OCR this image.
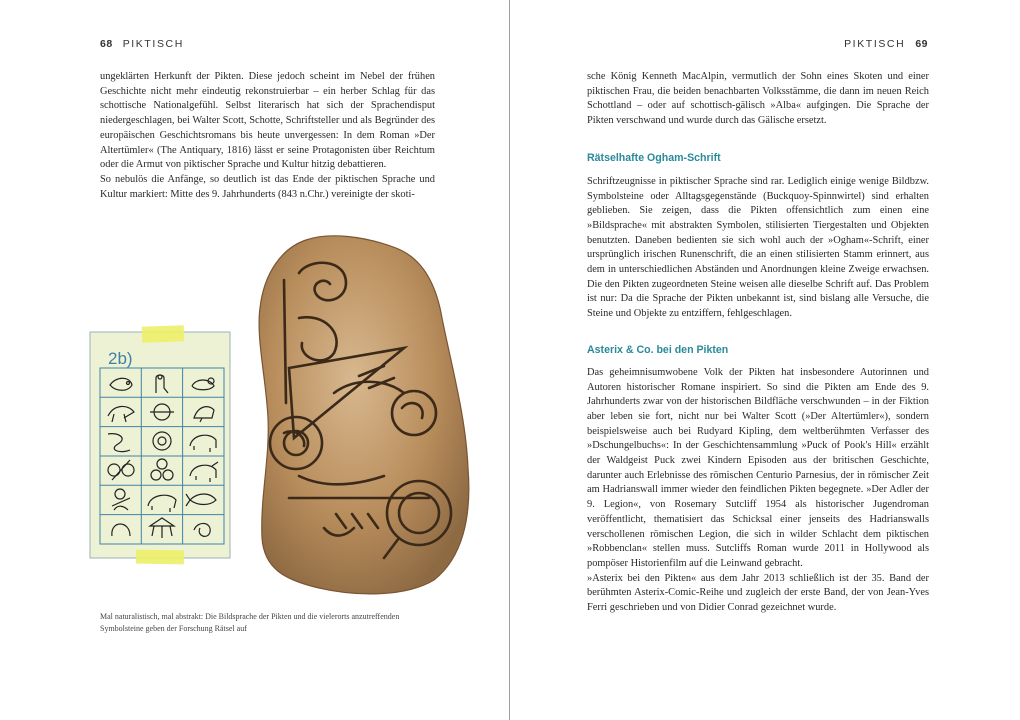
68 PIKTISCH

ungeklärten Herkunft der Pikten. Diese jedoch scheint im Nebel der frühen Geschichte nicht mehr eindeutig rekonstruierbar – ein herber Schlag für das schottische Nationalgefühl. Selbst literarisch hat sich der Sprachendisput niedergeschlagen, bei Walter Scott, Schotte, Schriftsteller und als Begründer des europäischen Geschichtsromans bis heute unvergessen: In dem Roman »Der Altertümler« (The Antiquary, 1816) lässt er seine Protagonisten über Reichtum oder die Armut von piktischer Sprache und Kultur hitzig debattieren.

So nebulös die Anfänge, so deutlich ist das Ende der piktischen Sprache und Kultur markiert: Mitte des 9. Jahrhunderts (843 n.Chr.) vereinigte der skoti-

2b)
Mal naturalistisch, mal abstrakt: Die Bildsprache der Pikten und die vielerorts anzutreffenden Symbolsteine geben der Forschung Rätsel auf
PIKTISCH 69

sche König Kenneth MacAlpin, vermutlich der Sohn eines Skoten und einer piktischen Frau, die beiden benachbarten Volksstämme, die dann im neuen Reich Schottland – oder auf schottisch-gälisch »Alba« aufgingen. Die Sprache der Pikten verschwand und wurde durch das Gälische ersetzt.

Rätselhafte Ogham-Schrift

Schriftzeugnisse in piktischer Sprache sind rar. Lediglich einige wenige Bildbzw. Symbolsteine oder Alltagsgegenstände (Buckquoy-Spinnwirtel) sind erhalten geblieben. Sie zeigen, dass die Pikten offensichtlich zum einen eine »Bildsprache« mit abstrakten Symbolen, stilisierten Tiergestalten und Objekten benutzten. Daneben bedienten sie sich wohl auch der »Ogham«-Schrift, einer ursprünglich irischen Runenschrift, die an einen stilisierten Stamm erinnert, aus dem in unterschiedlichen Abständen und Anordnungen kleine Zweige erwachsen. Die den Pikten zugeordneten Steine weisen alle dieselbe Schrift auf. Das Problem ist nur: Da die Sprache der Pikten unbekannt ist, sind bislang alle Versuche, die Steine und Objekte zu entziffern, fehlgeschlagen.

Asterix & Co. bei den Pikten

Das geheimnisumwobene Volk der Pikten hat insbesondere Autorinnen und Autoren historischer Romane inspiriert. So sind die Pikten am Ende des 9. Jahrhunderts zwar von der historischen Bildfläche verschwunden – in der Fiktion aber leben sie fort, nicht nur bei Walter Scott (»Der Altertümler«), sondern beispielsweise auch bei Rudyard Kipling, dem weltberühmten Verfasser des »Dschungelbuchs«: In der Geschichtensammlung »Puck of Pook's Hill« erzählt der Waldgeist Puck zwei Kindern Episoden aus der britischen Geschichte, darunter auch Erlebnisse des römischen Centurio Parnesius, der in römischer Zeit am Hadrianswall immer wieder den feindlichen Pikten begegnete. »Der Adler der 9. Legion«, von Rosemary Sutcliff 1954 als historischer Jugendroman veröffentlicht, thematisiert das Schicksal einer jenseits des Hadrianswalls verschollenen römischen Legion, die sich in wilder Schlacht dem piktischen »Robbenclan« stellen muss. Sutcliffs Roman wurde 2011 in Hollywood als pompöser Historienfilm auf die Leinwand gebracht.

»Asterix bei den Pikten« aus dem Jahr 2013 schließlich ist der 35. Band der berühmten Asterix-Comic-Reihe und zugleich der erste Band, der von Jean-Yves Ferri geschrieben und von Didier Conrad gezeichnet wurde.
